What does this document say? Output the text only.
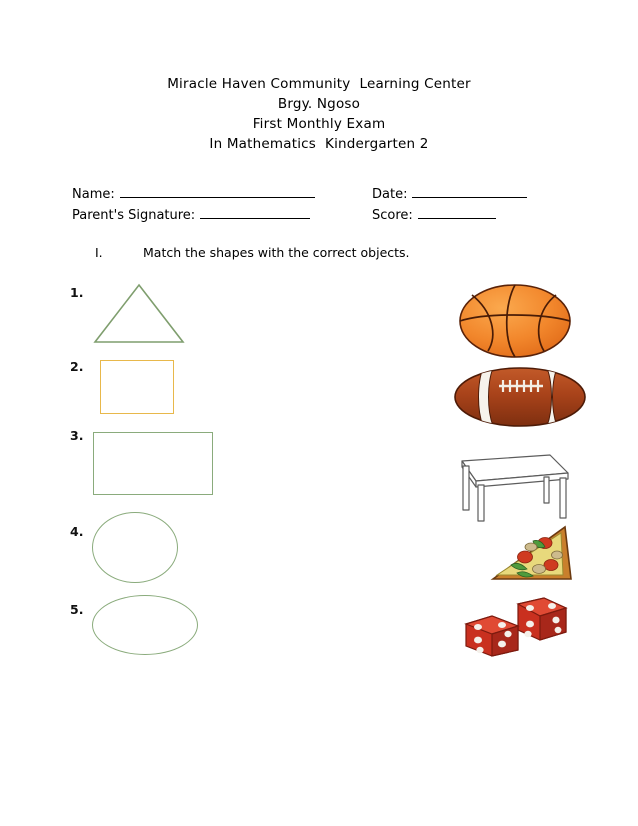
Miracle Haven Community  Learning Center
Brgy. Ngoso
First Monthly Exam
In Mathematics  Kindergarten 2
Name:	Date:
Parent's Signature:	Score:
I.	Match the shapes with the correct objects.
1.
2.
3.
4.
5.
